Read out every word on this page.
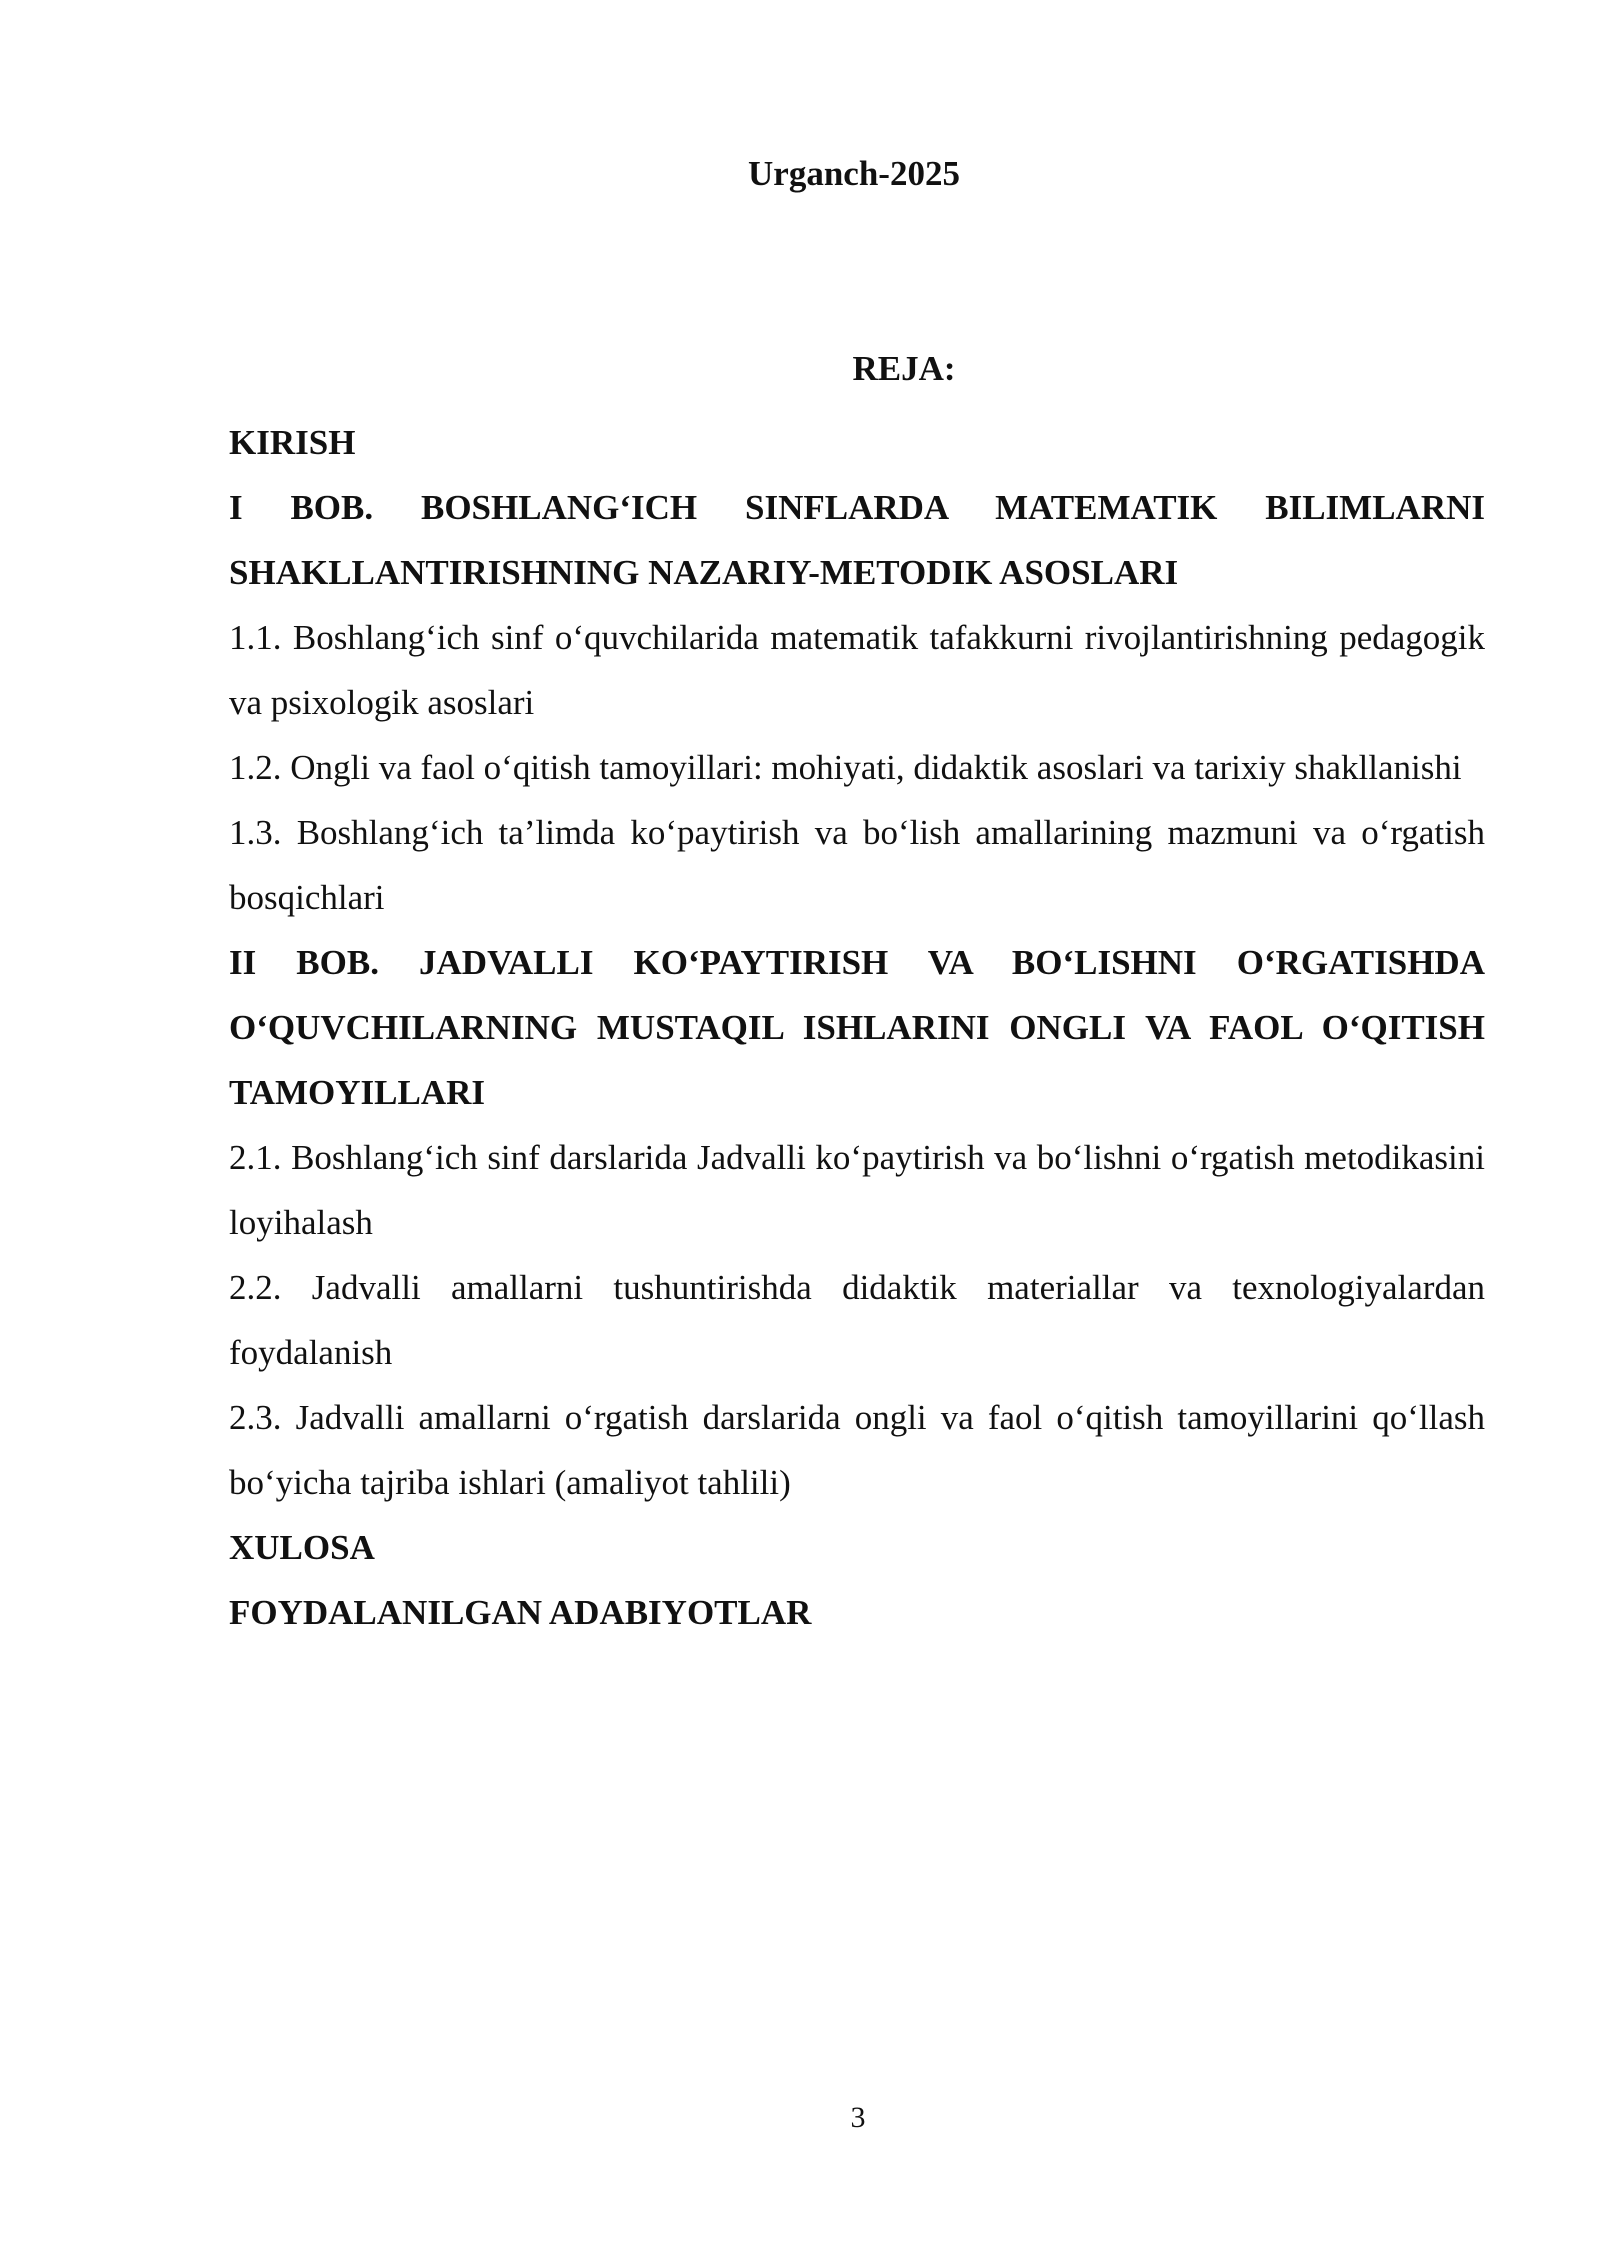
Urganch-2025
REJA:

KIRISH

I BOB. BOSHLANG‘ICH SINFLARDA MATEMATIK BILIMLARNI SHAKLLANTIRISHNING NAZARIY-METODIK ASOSLARI

1.1. Boshlang‘ich sinf o‘quvchilarida matematik tafakkurni rivojlantirishning pedagogik va psixologik asoslari

1.2. Ongli va faol o‘qitish tamoyillari: mohiyati, didaktik asoslari va tarixiy shakllanishi

1.3. Boshlang‘ich ta’limda ko‘paytirish va bo‘lish amallarining mazmuni va o‘rgatish bosqichlari

II BOB. JADVALLI KO‘PAYTIRISH VA BO‘LISHNI O‘RGATISHDA O‘QUVCHILARNING MUSTAQIL ISHLARINI ONGLI VA FAOL O‘QITISH TAMOYILLARI

2.1. Boshlang‘ich sinf darslarida Jadvalli ko‘paytirish va bo‘lishni o‘rgatish metodikasini loyihalash

2.2. Jadvalli amallarni tushuntirishda didaktik materiallar va texnologiyalardan foydalanish

2.3. Jadvalli amallarni o‘rgatish darslarida ongli va faol o‘qitish tamoyillarini qo‘llash bo‘yicha tajriba ishlari (amaliyot tahlili)

XULOSA

FOYDALANILGAN ADABIYOTLAR

3
